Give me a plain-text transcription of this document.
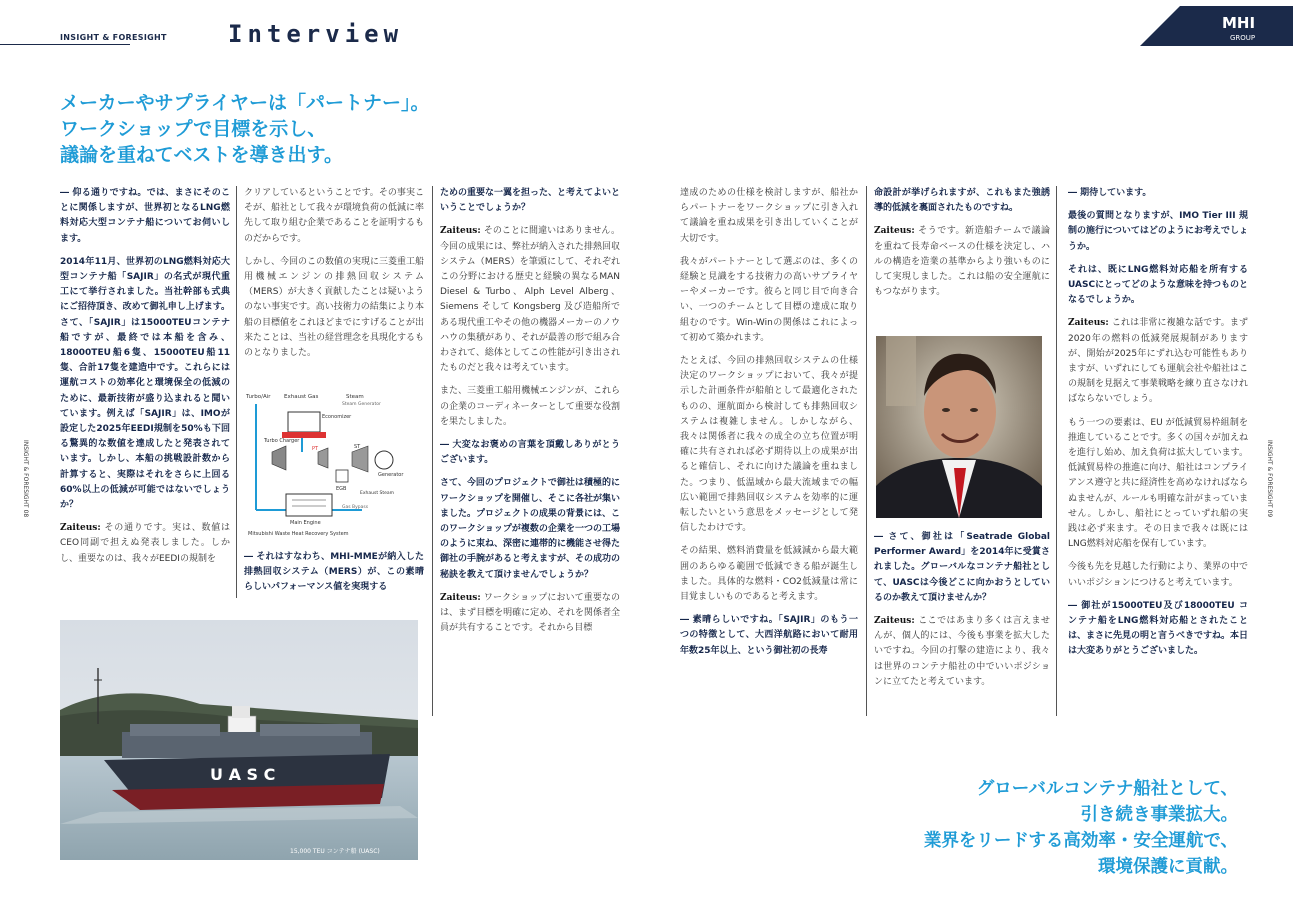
INSIGHT & FORESIGHT	Interview	MHI
GROUP
メーカーやサプライヤーは「パートナー」。
ワークショップで目標を示し、
議論を重ねてベストを導き出す。
INSIGHT & FORESIGHT 08	INSIGHT & FORESIGHT 09

― 仰る通りですね。では、まさにそのことに関係しますが、世界初となるLNG燃料対応大型コンテナ船についてお伺いします。

2014年11月、世界初のLNG燃料対応大型コンテナ船「SAJIR」の名式が現代重工にて挙行されました。当社幹部も式典にご招待頂き、改めて御礼申し上げます。さて、「SAJIR」は15000TEUコンテナ船ですが、最終では本船を含み、18000TEU船6隻、15000TEU船11隻、合計17隻を建造中です。これらには運航コストの効率化と環境保全の低減のために、最新技術が盛り込まれると聞いています。例えば「SAJIR」は、IMOが設定した2025年EEDI規制を50%も下回る驚異的な数値を達成したと発表されています。しかし、本船の挑戦設計数から計算すると、実際はそれをさらに上回る60%以上の低減が可能ではないでしょうか？

Zaiteus: その通りです。実は、数値はCEO同副で担えぬ発表しました。しかし、重要なのは、我々がEEDIの規制を

クリアしているということです。その事実こそが、船社として我々が環境負荷の低減に率先して取り組む企業であることを証明するものだからです。

しかし、今回のこの数値の実現に三菱重工船用機械エンジンの排熱回収システム（MERS）が大きく貢献したことは疑いようのない事実です。高い技術力の結集により本船の目標値をこれほどまでにすげることが出来たことは、当社の経営理念を具現化するものとなりました。

― それはすなわち、MHI-MMEが納入した排熱回収システム（MERS）が、この素晴らしいパフォーマンス値を実現する

ための重要な一翼を担った、と考えてよいということでしょうか？

Zaiteus: そのことに間違いはありません。今回の成果には、弊社が納入された排熱回収システム（MERS）を筆頭にして、それぞれこの分野における歴史と経験の異なるMAN Diesel & Turbo、Alph Level Alberg、Siemens そして Kongsberg 及び造船所である現代重工やその他の機器メーカーのノウハウの集積があり、それが最善の形で組み合わされて、総体としてこの性能が引き出されたものだと我々は考えています。

また、三菱重工船用機械エンジンが、これらの企業のコーディネーターとして重要な役割を果たしました。

― 大変なお褒めの言葉を頂戴しありがとうございます。

さて、今回のプロジェクトで御社は積極的にワークショップを開催し、そこに各社が集いました。プロジェクトの成果の背景には、このワークショップが複数の企業を一つの工場のように束ね、深密に連帯的に機能させ得た御社の手腕があると考えますが、その成功の秘訣を教えて頂けませんでしょうか？

Zaiteus: ワークショップにおいて重要なのは、まず目標を明確に定め、それを関係者全員が共有することです。それから目標

達成のための仕様を検討しますが、船社からパートナーをワークショップに引き入れて議論を重ね成果を引き出していくことが大切です。

我々がパートナーとして選ぶのは、多くの経験と見識をする技術力の高いサプライヤーやメーカーです。彼らと同じ目で向き合い、一つのチームとして目標の達成に取り組むのです。Win-Winの関係はこれによって初めて築かれます。

たとえば、今回の排熱回収システムの仕様決定のワークショップにおいて、我々が提示した計画条件が船舶として最適化されたものの、運航面から検討しても排熱回収システムは複雑しません。しかしながら、我々は関係者に我々の成全の立ち位置が明確に共有されれば必ず期待以上の成果が出ると確信し、それに向けた議論を重ねました。つまり、低温域から最大流域までの幅広い範囲で排熱回収システムを効率的に運転したいという意思をメッセージとして発信したわけです。

その結果、燃料消費量を低減減から最大範囲のあらゆる範囲で低減できる船が誕生しました。具体的な燃料・CO2低減量は常に目覚ましいものであると考えます。

― 素晴らしいですね。「SAJIR」のもう一つの特徴として、大西洋航路において耐用年数25年以上、という御社初の長寿

命設計が挙げられますが、これもまた強誘導的低減を裏面されたものですね。

Zaiteus: そうです。新造船チームで議論を重ねて長寿命ベースの仕様を決定し、ハルの構造を造業の基準からより強いものにして実現しました。これは船の安全運航にもつながります。

― さて、御社は「Seatrade Global Performer Award」を2014年に受賞されました。グローバルなコンテナ船社として、UASCは今後どこに向かおうとしているのか教えて頂けませんか？

Zaiteus: ここではあまり多くは言えませんが、個人的には、今後も事業を拡大したいですね。今回の打撃の建造により、我々は世界のコンテナ船社の中でいいポジションに立てたと考えています。

― 期待しています。

最後の質問となりますが、IMO Tier III 規制の施行についてはどのようにお考えでしょうか。

それは、既にLNG燃料対応船を所有するUASCにとってどのような意味を持つものとなるでしょうか。

Zaiteus: これは非常に複雑な話です。まず2020年の燃料の低減発展規制がありますが、開始が2025年にずれ込む可能性もありますが、いずれにしても運航会社や船社はこの規制を見据えて事業戦略を練り直さなければならないでしょう。

もう一つの要素は、EU が低減貿易枠組制を推進していることです。多くの国々が加えねを進行し始め、加え負荷は拡大しています。低減貿易枠の推進に向け、船社はコンプライアンス遵守と共に経済性を高めなければならぬませんが、ルールも明確な計がまっていません。しかし、船社にとっていずれ船の実践は必ず来ます。その日まで我々は既にはLNG燃料対応船を保有しています。

今後も先を見越した行動により、業界の中でいいポジションにつけると考えています。

― 御社が15000TEU及び18000TEU コンテナ船をLNG燃料対応船とされたことは、まさに先見の明と言うべきですね。本日は大変ありがとうございました。

Turbo/Air Exhaust Gas	Steam
Steam Generator
Economizer
Turbo Charger
PT	ST
Generator
EGB
Exhaust Steam
Main Engine
Gas Bypass
Mitsubishi Waste Heat Recovery System
U A S C
15,000 TEU コンテナ船 (UASC)
グローバルコンテナ船社として、
引き続き事業拡大。
業界をリードする高効率・安全運航で、
環境保護に貢献。
